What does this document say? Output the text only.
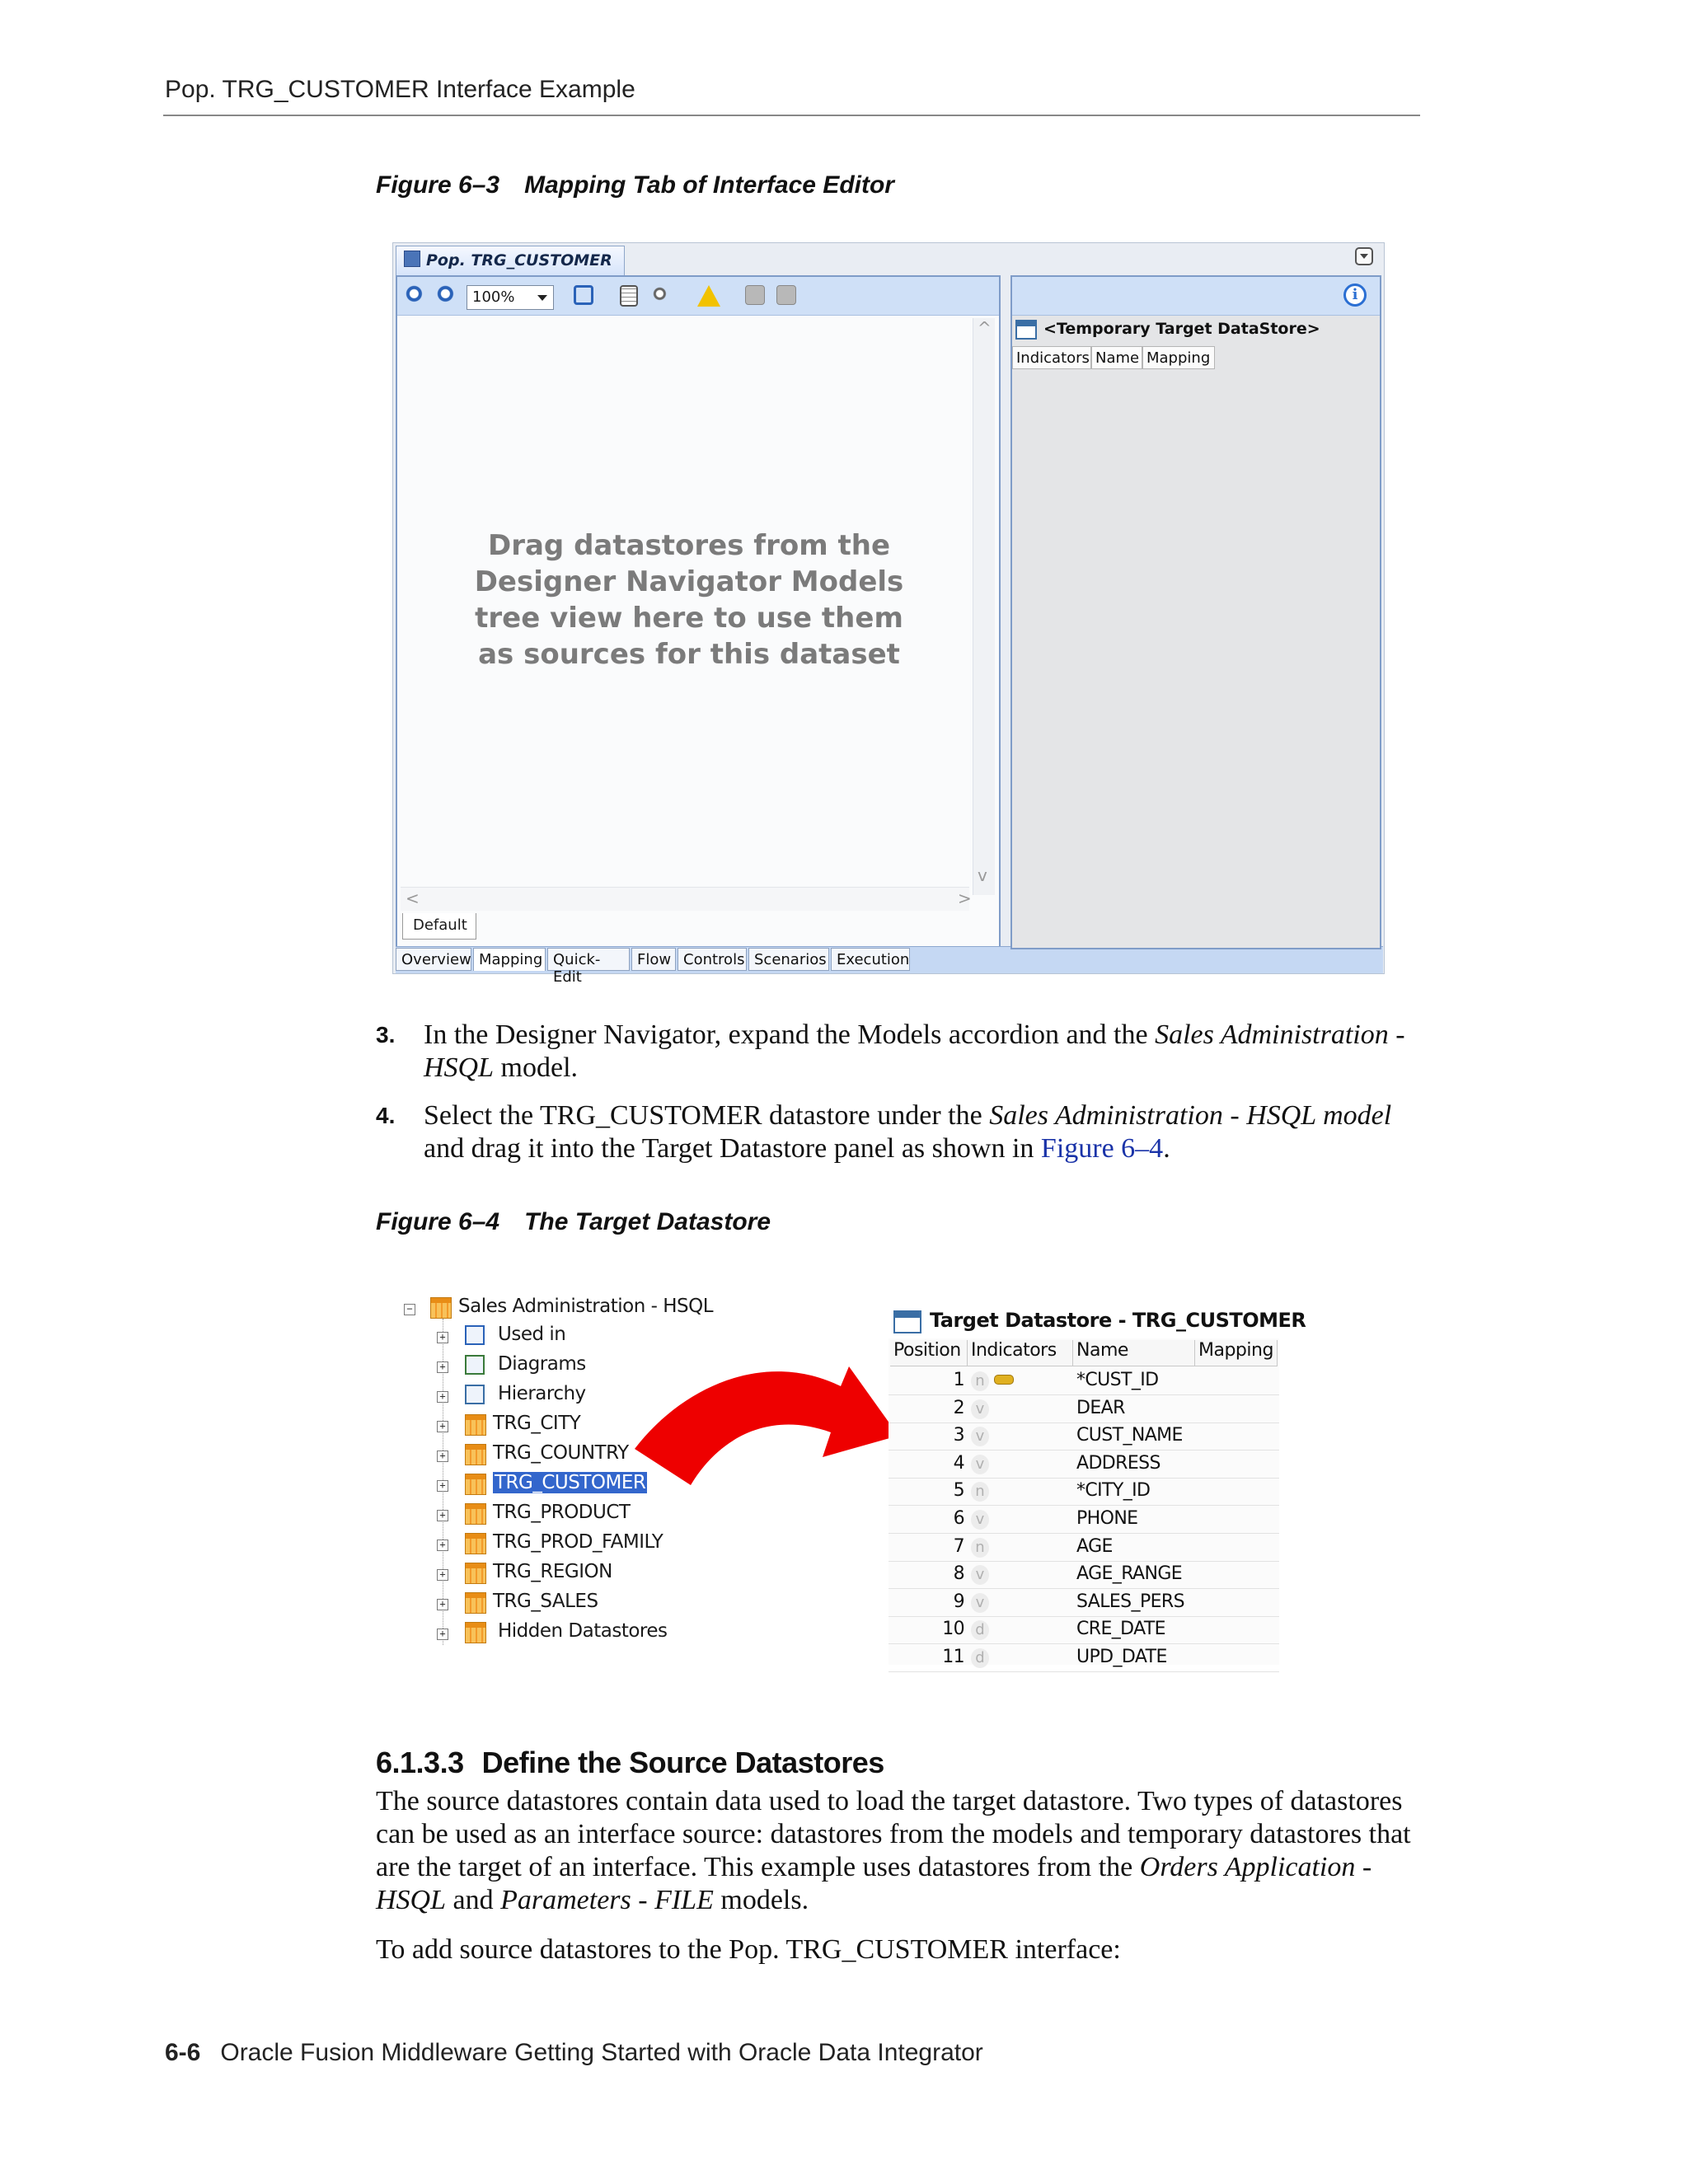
Pop. TRG_CUSTOMER Interface Example
Figure 6–3 Mapping Tab of Interface Editor
Pop. TRG_CUSTOMER
100%
Drag datastores from the
Designer Navigator Models
tree view here to use them
as sources for this dataset
^
v
<	>
Default
Overview Mapping Quick-Edit
Flow Controls Scenarios Execution
i
<Temporary Target DataStore>
Indicators Name Mapping
3. In the Designer Navigator, expand the Models accordion and the Sales Administration - HSQL model.
4. Select the TRG_CUSTOMER datastore under the Sales Administration - HSQL model and drag it into the Target Datastore panel as shown in Figure 6–4.
Figure 6–4 The Target Datastore
− Sales Administration - HSQL
+	Used in
+	Diagrams
+	Hierarchy
+ TRG_CITY
+ TRG_COUNTRY
+	TRG_CUSTOMER
+ TRG_PRODUCT
+ TRG_PROD_FAMILY
+ TRG_REGION
+ TRG_SALES
+	Hidden Datastores
Target Datastore - TRG_CUSTOMER
Position Indicators	Name	Mapping
1 n	*CUST_ID
2 v	DEAR
3 v	CUST_NAME
4 v	ADDRESS
5 n	*CITY_ID
6 v	PHONE
7 n	AGE
8 v	AGE_RANGE
9 v	SALES_PERS
10 d	CRE_DATE
11 d	UPD_DATE
6.1.3.3 Define the Source Datastores
The source datastores contain data used to load the target datastore. Two types of datastores can be used as an interface source: datastores from the models and temporary datastores that are the target of an interface. This example uses datastores from the Orders Application - HSQL and Parameters - FILE models.
To add source datastores to the Pop. TRG_CUSTOMER interface:
6-6 Oracle Fusion Middleware Getting Started with Oracle Data Integrator
